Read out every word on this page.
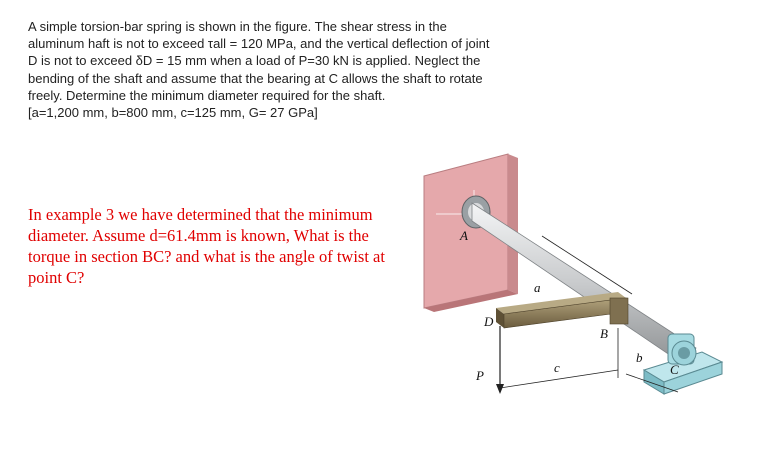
A simple torsion-bar spring is shown in the figure. The shear stress in the aluminum haft is not to exceed τall = 120 MPa, and the vertical deflection of joint D is not to exceed δD = 15 mm when a load of P=30 kN is applied. Neglect the bending of the shaft and assume that the bearing at C allows the shaft to rotate freely. Determine the minimum diameter required for the shaft.

[a=1,200 mm, b=800 mm, c=125 mm, G= 27 GPa]

In example 3 we have determined that the minimum diameter. Assume d=61.4mm is known, What is the torque in section BC? and what is the angle of twist at point C?
A
D
B
P
c
b
a
C
